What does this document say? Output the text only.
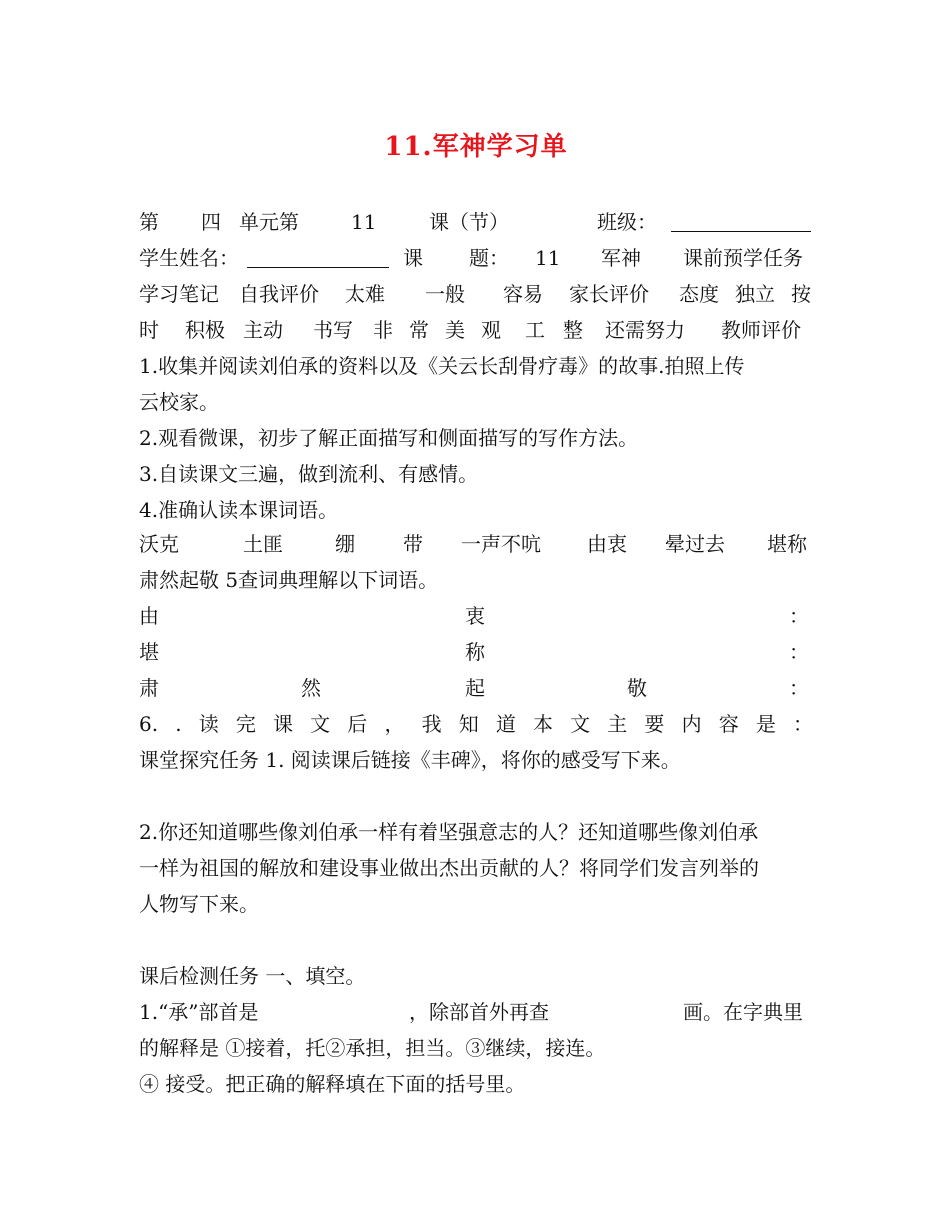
11.军神学习单
第 四 单元第	11	课（节）	班级：
学生姓名：	课 题： 11 军神 课前预学任务
学习笔记 自我评价 太难 一般 容易 家长评价 态度 独立 按
时 积极 主动 书写 非 常 美 观 工 整 还需努力 教师评价
1.收集并阅读刘伯承的资料以及《关云长刮骨疗毒》的故事.拍照上传
云校家。
2.观看微课，初步了解正面描写和侧面描写的写作方法。
3.自读课文三遍，做到流利、有感情。
4.准确认读本课词语。
沃克	土匪	绷 带 一声不吭 由衷 晕过去 堪称
肃然起敬 5查词典理解以下词语。
由	衷	：
堪	称	：
肃	然	起	敬	：
6. . 读 完 课 文 后 ， 我 知 道 本 文 主 要 内 容 是 ：
课堂探究任务 1. 阅读课后链接《丰碑》，将你的感受写下来。
2.你还知道哪些像刘伯承一样有着坚强意志的人？还知道哪些像刘伯承
一样为祖国的解放和建设事业做出杰出贡献的人？将同学们发言列举的
人物写下来。
课后检测任务 一、填空。
1.“承”部首是	，除部首外再查	画。在字典里
的解释是 ①接着，托②承担，担当。③继续，接连。
④ 接受。把正确的解释填在下面的括号里。
